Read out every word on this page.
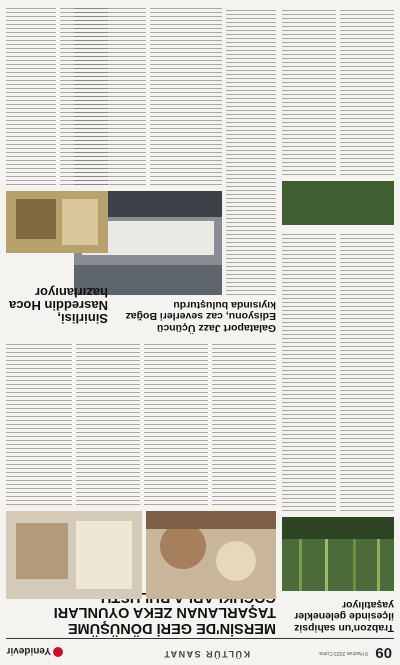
09
9 Haziran 2023 Cuma
KÜLTÜR SANAT
Yenidevir
Trabzon'un sahipsiz ilçesinde gelenekler yaşatılıyor
MERSİN'DE GERİ DÖNÜŞÜME TAŞARLANAN ZEKA OYUNLARI
Galataport Jazz Üçüncü Edisyonu, caz severleri Boğaz kıyısında buluşturdu
Sinirlisi, Nasreddin Hoca hazırlanıyor
